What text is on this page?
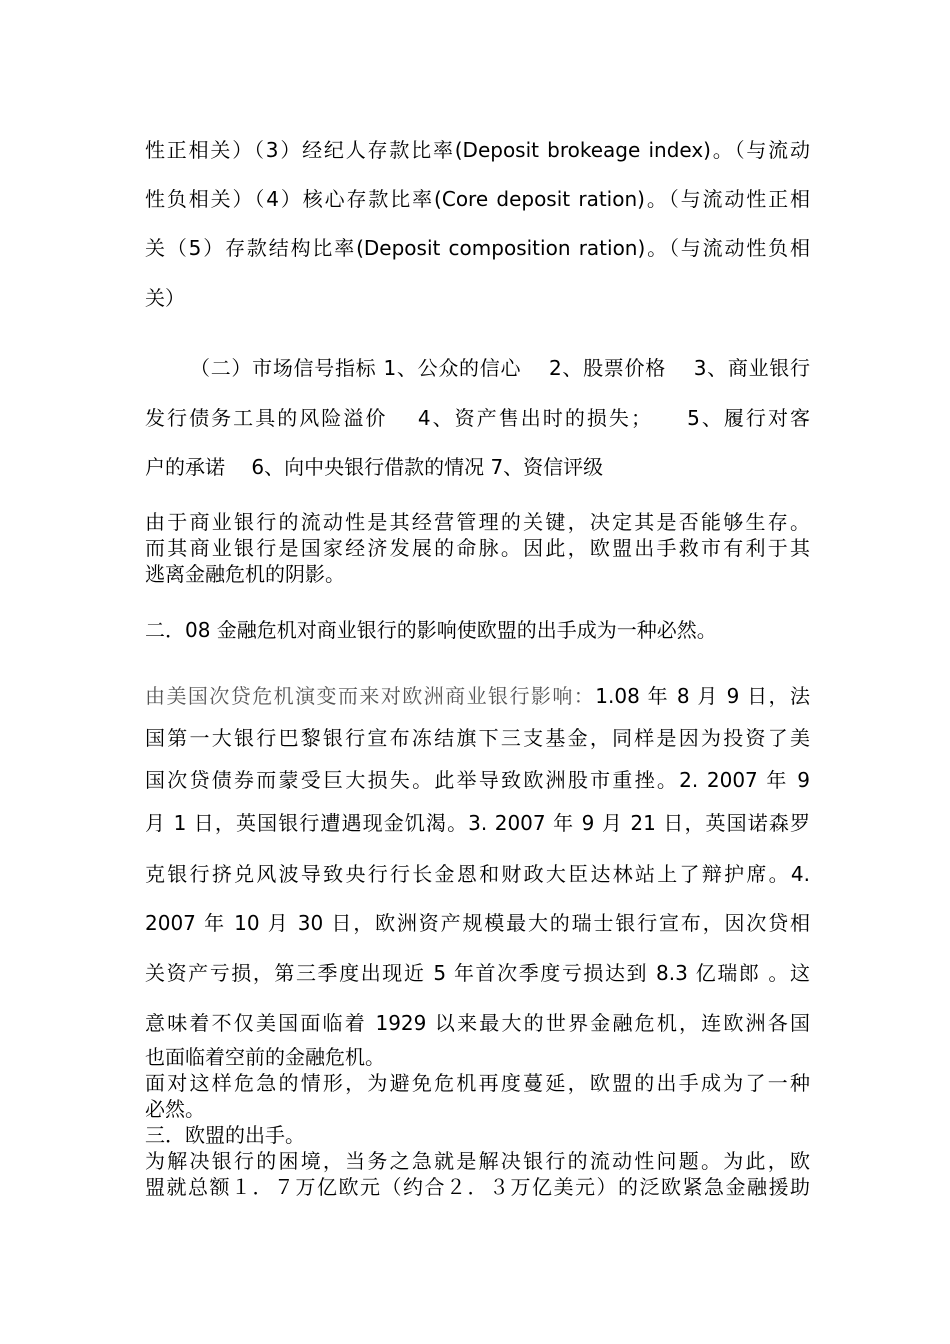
性正相关）（3）经纪人存款比率(Deposit brokeage index)。（与流动
性负相关）（4）核心存款比率(Core deposit ration)。（与流动性正相
关（5）存款结构比率(Deposit composition ration)。（与流动性负相
关）
（二）市场信号指标 1、公众的信心　 2、股票价格　 3、商业银行
发行债务工具的风险溢价　 4、资产售出时的损失；　　5、履行对客
户的承诺　 6、向中央银行借款的情况 7、资信评级
由于商业银行的流动性是其经营管理的关键，决定其是否能够生存。
而其商业银行是国家经济发展的命脉。因此，欧盟出手救市有利于其
逃离金融危机的阴影。
二．08 金融危机对商业银行的影响使欧盟的出手成为一种必然。
由美国次贷危机演变而来对欧洲商业银行影响：1.08 年 8 月 9 日，法
国第一大银行巴黎银行宣布冻结旗下三支基金，同样是因为投资了美
国次贷债券而蒙受巨大损失。此举导致欧洲股市重挫。2. 2007 年 9
月 1 日，英国银行遭遇现金饥渴。3. 2007 年 9 月 21 日，英国诺森罗
克银行挤兑风波导致央行行长金恩和财政大臣达林站上了辩护席。4.
2007 年 10 月 30 日，欧洲资产规模最大的瑞士银行宣布，因次贷相
关资产亏损，第三季度出现近 5 年首次季度亏损达到 8.3 亿瑞郎 。这
意味着不仅美国面临着 1929 以来最大的世界金融危机，连欧洲各国
也面临着空前的金融危机。
面对这样危急的情形，为避免危机再度蔓延，欧盟的出手成为了一种
必然。
三．欧盟的出手。
为解决银行的困境，当务之急就是解决银行的流动性问题。为此，欧
盟就总额１．７万亿欧元（约合２．３万亿美元）的泛欧紧急金融援助
